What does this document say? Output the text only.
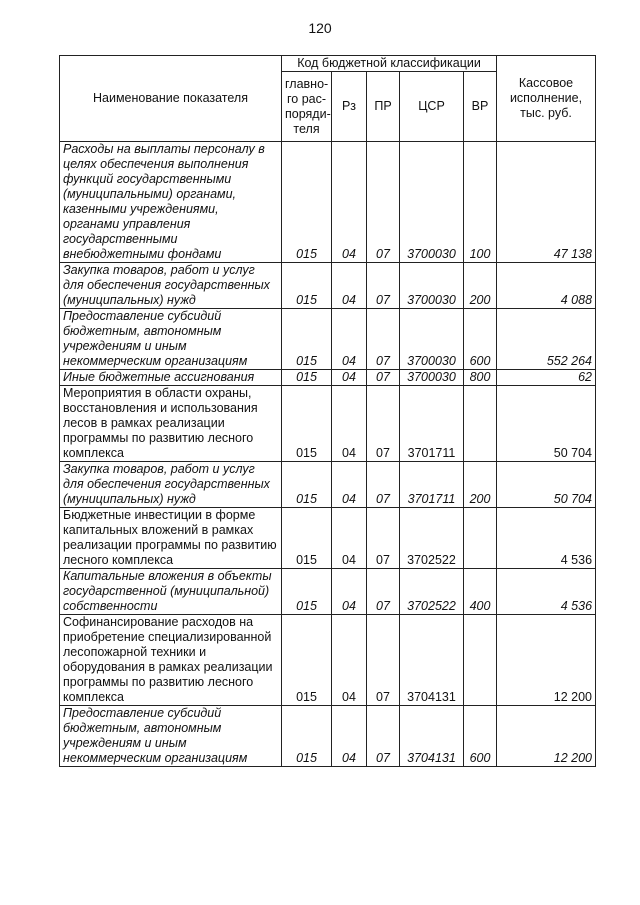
120
Наименование показателя	Код бюджетной классификации					Кассовое исполнение, тыс. руб.
	главно-го рас-поряди-теля	Рз	ПР	ЦСР	ВР	
Расходы на выплаты персоналу в целях обеспечения выполнения функций государственными (муниципальными) органами, казенными учреждениями, органами управления государственными внебюджетными фондами	015	04	07	3700030	100	47 138
Закупка товаров, работ и услуг для обеспечения государственных (муниципальных) нужд	015	04	07	3700030	200	4 088
Предоставление субсидий бюджетным, автономным учреждениям и иным некоммерческим организациям	015	04	07	3700030	600	552 264
Иные бюджетные ассигнования	015	04	07	3700030	800	62
Мероприятия в области охраны, восстановления и использования лесов в рамках реализации программы по развитию лесного комплекса	015	04	07	3701711		50 704
Закупка товаров, работ и услуг для обеспечения государственных (муниципальных) нужд	015	04	07	3701711	200	50 704
Бюджетные инвестиции в форме капитальных вложений в рамках реализации программы по развитию лесного комплекса	015	04	07	3702522		4 536
Капитальные вложения в объекты государственной (муниципальной) собственности	015	04	07	3702522	400	4 536
Софинансирование расходов на приобретение специализированной лесопожарной техники и оборудования в рамках реализации программы по развитию лесного комплекса	015	04	07	3704131		12 200
Предоставление субсидий бюджетным, автономным учреждениям и иным некоммерческим организациям	015	04	07	3704131	600	12 200
